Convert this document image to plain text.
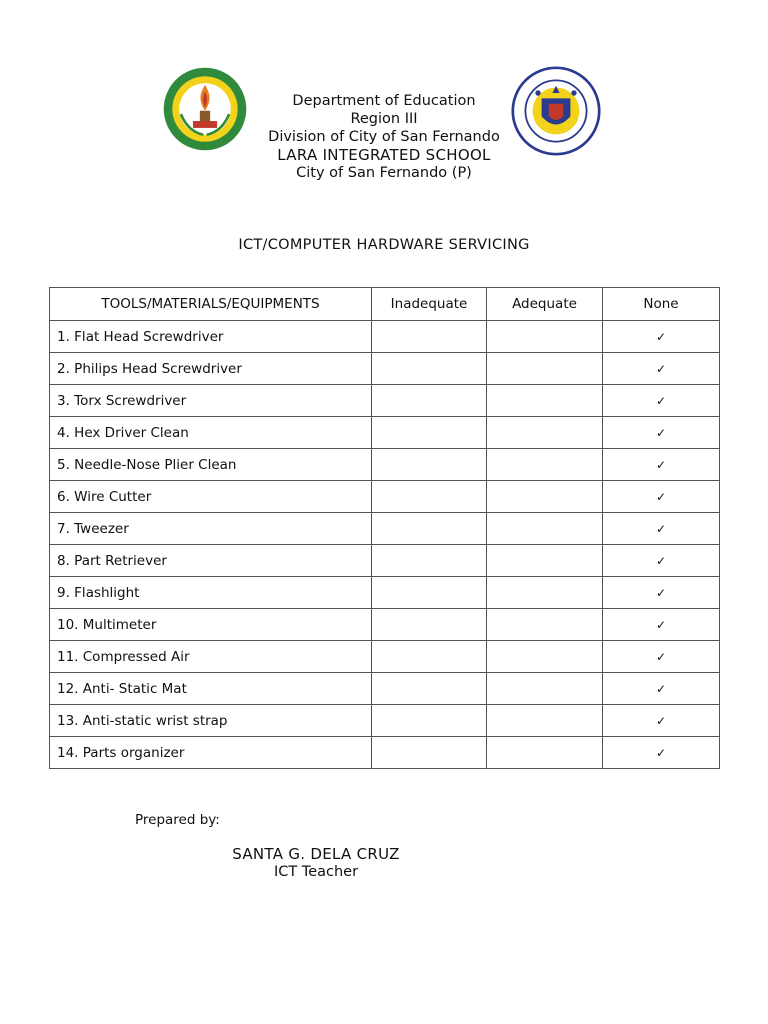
Department of Education
Region III
Division of City of San Fernando
LARA INTEGRATED SCHOOL
City of San Fernando (P)
ICT/COMPUTER HARDWARE SERVICING
TOOLS/MATERIALS/EQUIPMENTS	Inadequate	Adequate	None
1. Flat Head Screwdriver			✓
2. Philips Head Screwdriver			✓
3. Torx Screwdriver			✓
4. Hex Driver Clean			✓
5. Needle-Nose Plier Clean			✓
6. Wire Cutter			✓
7. Tweezer			✓
8. Part Retriever			✓
9. Flashlight			✓
10. Multimeter			✓
11. Compressed Air			✓
12. Anti- Static Mat			✓
13. Anti-static wrist strap			✓
14. Parts organizer			✓
Prepared by:
SANTA G. DELA CRUZ
ICT Teacher
